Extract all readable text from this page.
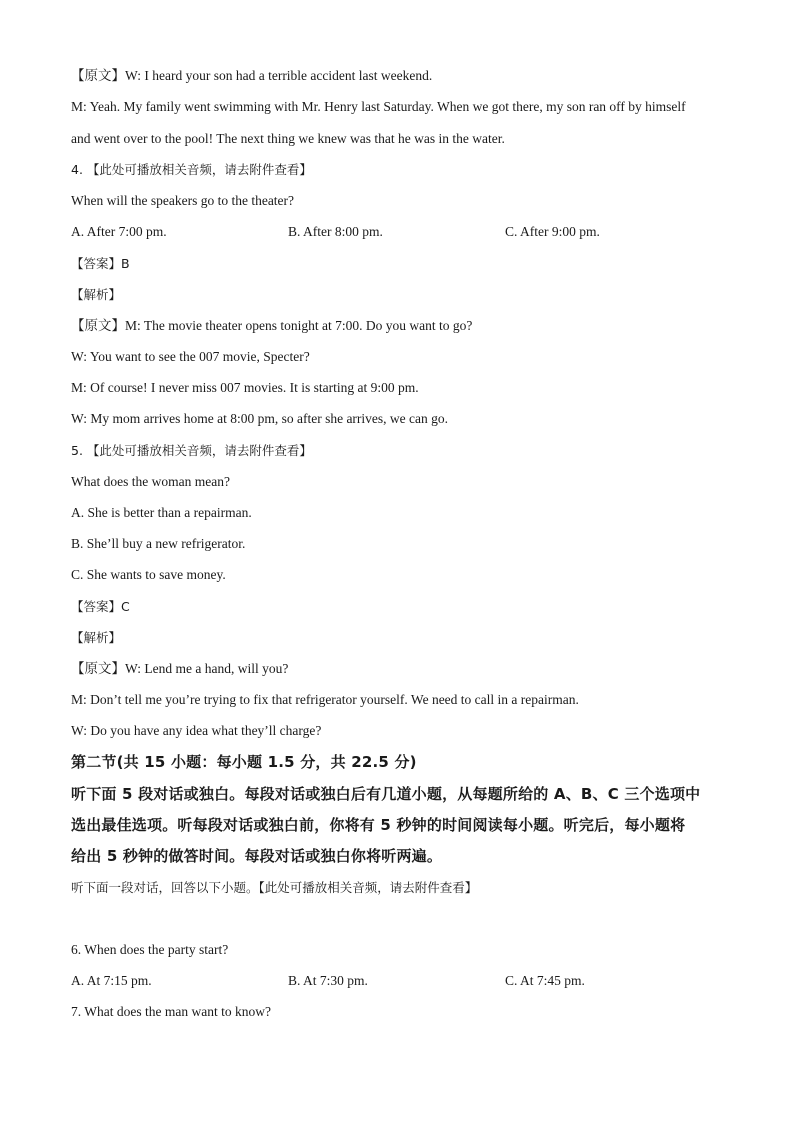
【原文】W: I heard your son had a terrible accident last weekend.
M: Yeah. My family went swimming with Mr. Henry last Saturday. When we got there, my son ran off by himself
and went over to the pool! The next thing we knew was that he was in the water.
4. 【此处可播放相关音频，请去附件查看】
When will the speakers go to the theater?
A. After 7:00 pm.	B. After 8:00 pm.	C. After 9:00 pm.
【答案】B
【解析】
【原文】M: The movie theater opens tonight at 7:00. Do you want to go?
W: You want to see the 007 movie, Specter?
M: Of course! I never miss 007 movies. It is starting at 9:00 pm.
W: My mom arrives home at 8:00 pm, so after she arrives, we can go.
5. 【此处可播放相关音频，请去附件查看】
What does the woman mean?
A. She is better than a repairman.
B. She’ll buy a new refrigerator.
C. She wants to save money.
【答案】C
【解析】
【原文】W: Lend me a hand, will you?
M: Don’t tell me you’re trying to fix that refrigerator yourself. We need to call in a repairman.
W: Do you have any idea what they’ll charge?
第二节(共 15 小题：每小题 1.5 分，共 22.5 分)
听下面 5 段对话或独白。每段对话或独白后有几道小题，从每题所给的 A、B、C 三个选项中
选出最佳选项。听每段对话或独白前，你将有 5 秒钟的时间阅读每小题。听完后，每小题将
给出 5 秒钟的做答时间。每段对话或独白你将听两遍。
听下面一段对话，回答以下小题。【此处可播放相关音频，请去附件查看】
6. When does the party start?
A. At 7:15 pm.	B. At 7:30 pm.	C. At 7:45 pm.
7. What does the man want to know?
